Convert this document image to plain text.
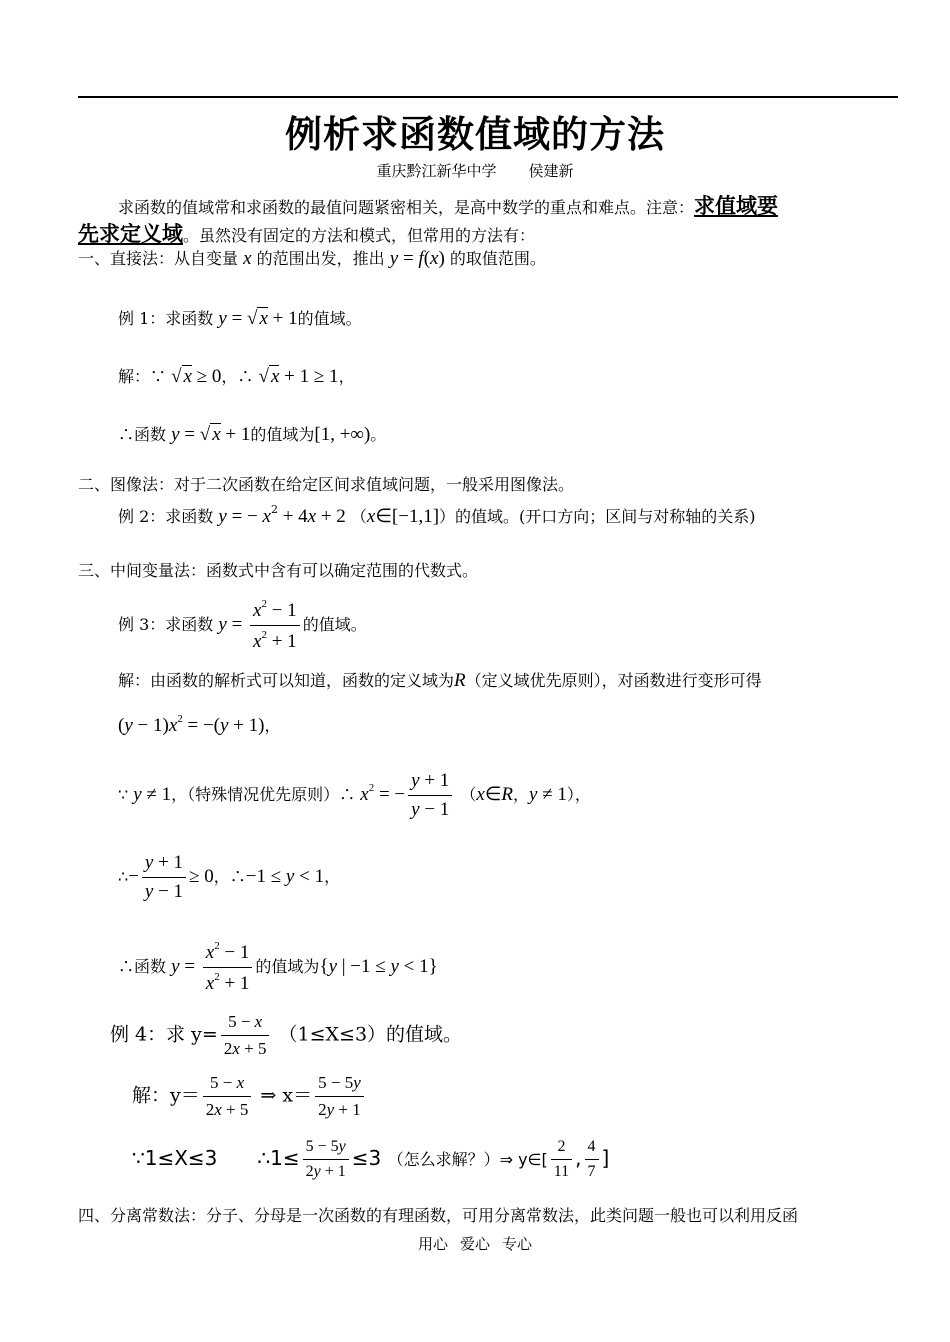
例析求函数值域的方法
重庆黔江新华中学 侯建新
求函数的值域常和求函数的最值问题紧密相关，是高中数学的重点和难点。注意：求值域要
先求定义域。虽然没有固定的方法和模式，但常用的方法有：
一、直接法：从自变量 x 的范围出发，推出 y = f(x) 的取值范围。
例 1：求函数 y = √ x + 1的值域。
解：∵ √ x ≥ 0，∴ √ x + 1 ≥ 1，
∴函数 y = √ x + 1的值域为[1, +∞)。
二、图像法：对于二次函数在给定区间求值域问题，一般采用图像法。
例 2：求函数 y = − $x^2 + 4x + 2$ （x∈[−1,1]）的值域。(开口方向；区间与对称轴的关系)
三、中间变量法：函数式中含有可以确定范围的代数式。
例 3：求函数 $y = \frac{x^2 - 1}{x^2 + 1}$ 的值域。
解：由函数的解析式可以知道，函数的定义域为R（定义域优先原则），对函数进行变形可得
$(y - 1)x^2 = -(y + 1)$，
∵ y ≠ 1，（特殊情况优先原则）∴ $x^2$ = − $\frac{y + 1}{y - 1}$ （x∈R，y ≠ 1），
∴− $\frac{y + 1}{y - 1} \ge 0$，∴−1 ≤ y < 1，
∴函数 $y = \frac{x^2 - 1}{x^2 + 1}$ 的值域为{y | −1 ≤ y < 1}
例 4：求 $y= \frac{5 - x}{2x + 5} (1\le X\le 3)$的值域。
解：$y= \frac{5 - x}{2x + 5}$ ⇒ $x= \frac{5 - 5y}{2y + 1}$
∵1≤X≤3 ∴1≤ $\frac{5 - 5y}{2y + 1} \le 3$ （怎么求解？）⇒ y∈[ $\frac{2}{11}$ , $\frac{4}{7}$ ]
四、分离常数法：分子、分母是一次函数的有理函数，可用分离常数法，此类问题一般也可以利用反函
用心 爱心 专心
